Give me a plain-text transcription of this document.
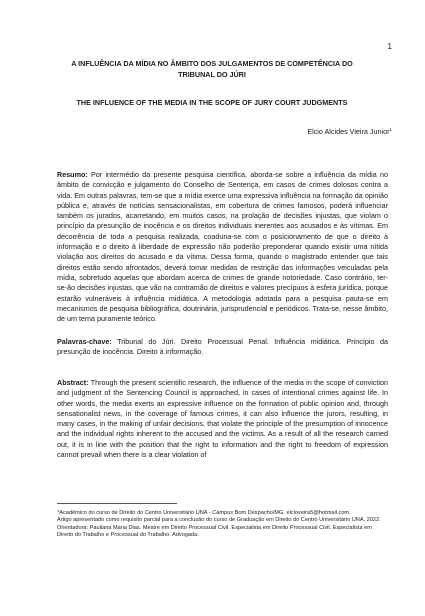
1
A INFLUÊNCIA DA MÍDIA NO ÂMBITO DOS JULGAMENTOS DE COMPETÊNCIA DO TRIBUNAL DO JÚRI
THE INFLUENCE OF THE MEDIA IN THE SCOPE OF JURY COURT JUDGMENTS
Elcio Alcides Vieira Junior$^1$
Resumo: Por intermédio da presente pesquisa científica, aborda-se sobre a influência da mídia no âmbito de convicção e julgamento do Conselho de Sentença, em casos de crimes dolosos contra a vida. Em outras palavras, tem-se que a mídia exerce uma expressiva influência na formação da opinião pública e, através de notícias sensacionalistas, em cobertura de crimes famosos, poderá influenciar também os jurados, acarretando, em muitos casos, na prolação de decisões injustas, que violam o princípio da presunção de inocência e os direitos individuais inerentes aos acusados e às vítimas. Em decorrência de toda a pesquisa realizada, coaduna-se com o posicionamento de que o direito à informação e o direito à liberdade de expressão não poderão preponderar quando existir uma nítida violação aos direitos do acusado e da vítima. Dessa forma, quando o magistrado entender que tais direitos estão sendo afrontados, deverá tomar medidas de restrição das informações veiculadas pela mídia, sobretudo aquelas que abordam acerca de crimes de grande notoriedade. Caso contrário, ter-se-ão decisões injustas, que vão na contramão de direitos e valores precípuos à esfera jurídica, porque estarão vulneráveis à influência midiática. A metodologia adotada para a pesquisa pauta-se em mecanismos de pesquisa bibliográfica, doutrinária, jurisprudencial e periódicos. Trata-se, nesse âmbito, de um tema puramente teórico.
Palavras-chave: Tribunal do Júri. Direito Processual Penal. Influência midiática. Princípio da presunção de inocência. Direito à informação.
Abstract: Through the present scientific research, the influence of the media in the scope of conviction and judgment of the Sentencing Council is approached, in cases of intentional crimes against life. In other words, the media exerts an expressive influence on the formation of public opinion and, through sensationalist news, in the coverage of famous crimes, it can also influence the jurors, resulting, in many cases, in the making of unfair decisions, that violate the principle of the presumption of innocence and the individual rights inherent to the accused and the victims. As a result of all the research carried out, it is in line with the position that the right to information and the right to freedom of expression cannot prevail when there is a clear violation of

$^1$Acadêmico do curso de Direito do Centro Universitário UNA - Campus Bom Despacho/MG. elcioveira5@hotmail.com.

Artigo apresentado como requisito parcial para a conclusão do curso de Graduação em Direito do Centro Universitário UNA, 2022. Orientadora: Pauliana Maria Dias. Mestre em Direito Processual Civil. Especialista em Direito Processual Civil. Especialista em Direito do Trabalho e Processual do Trabalho. Advogada.
